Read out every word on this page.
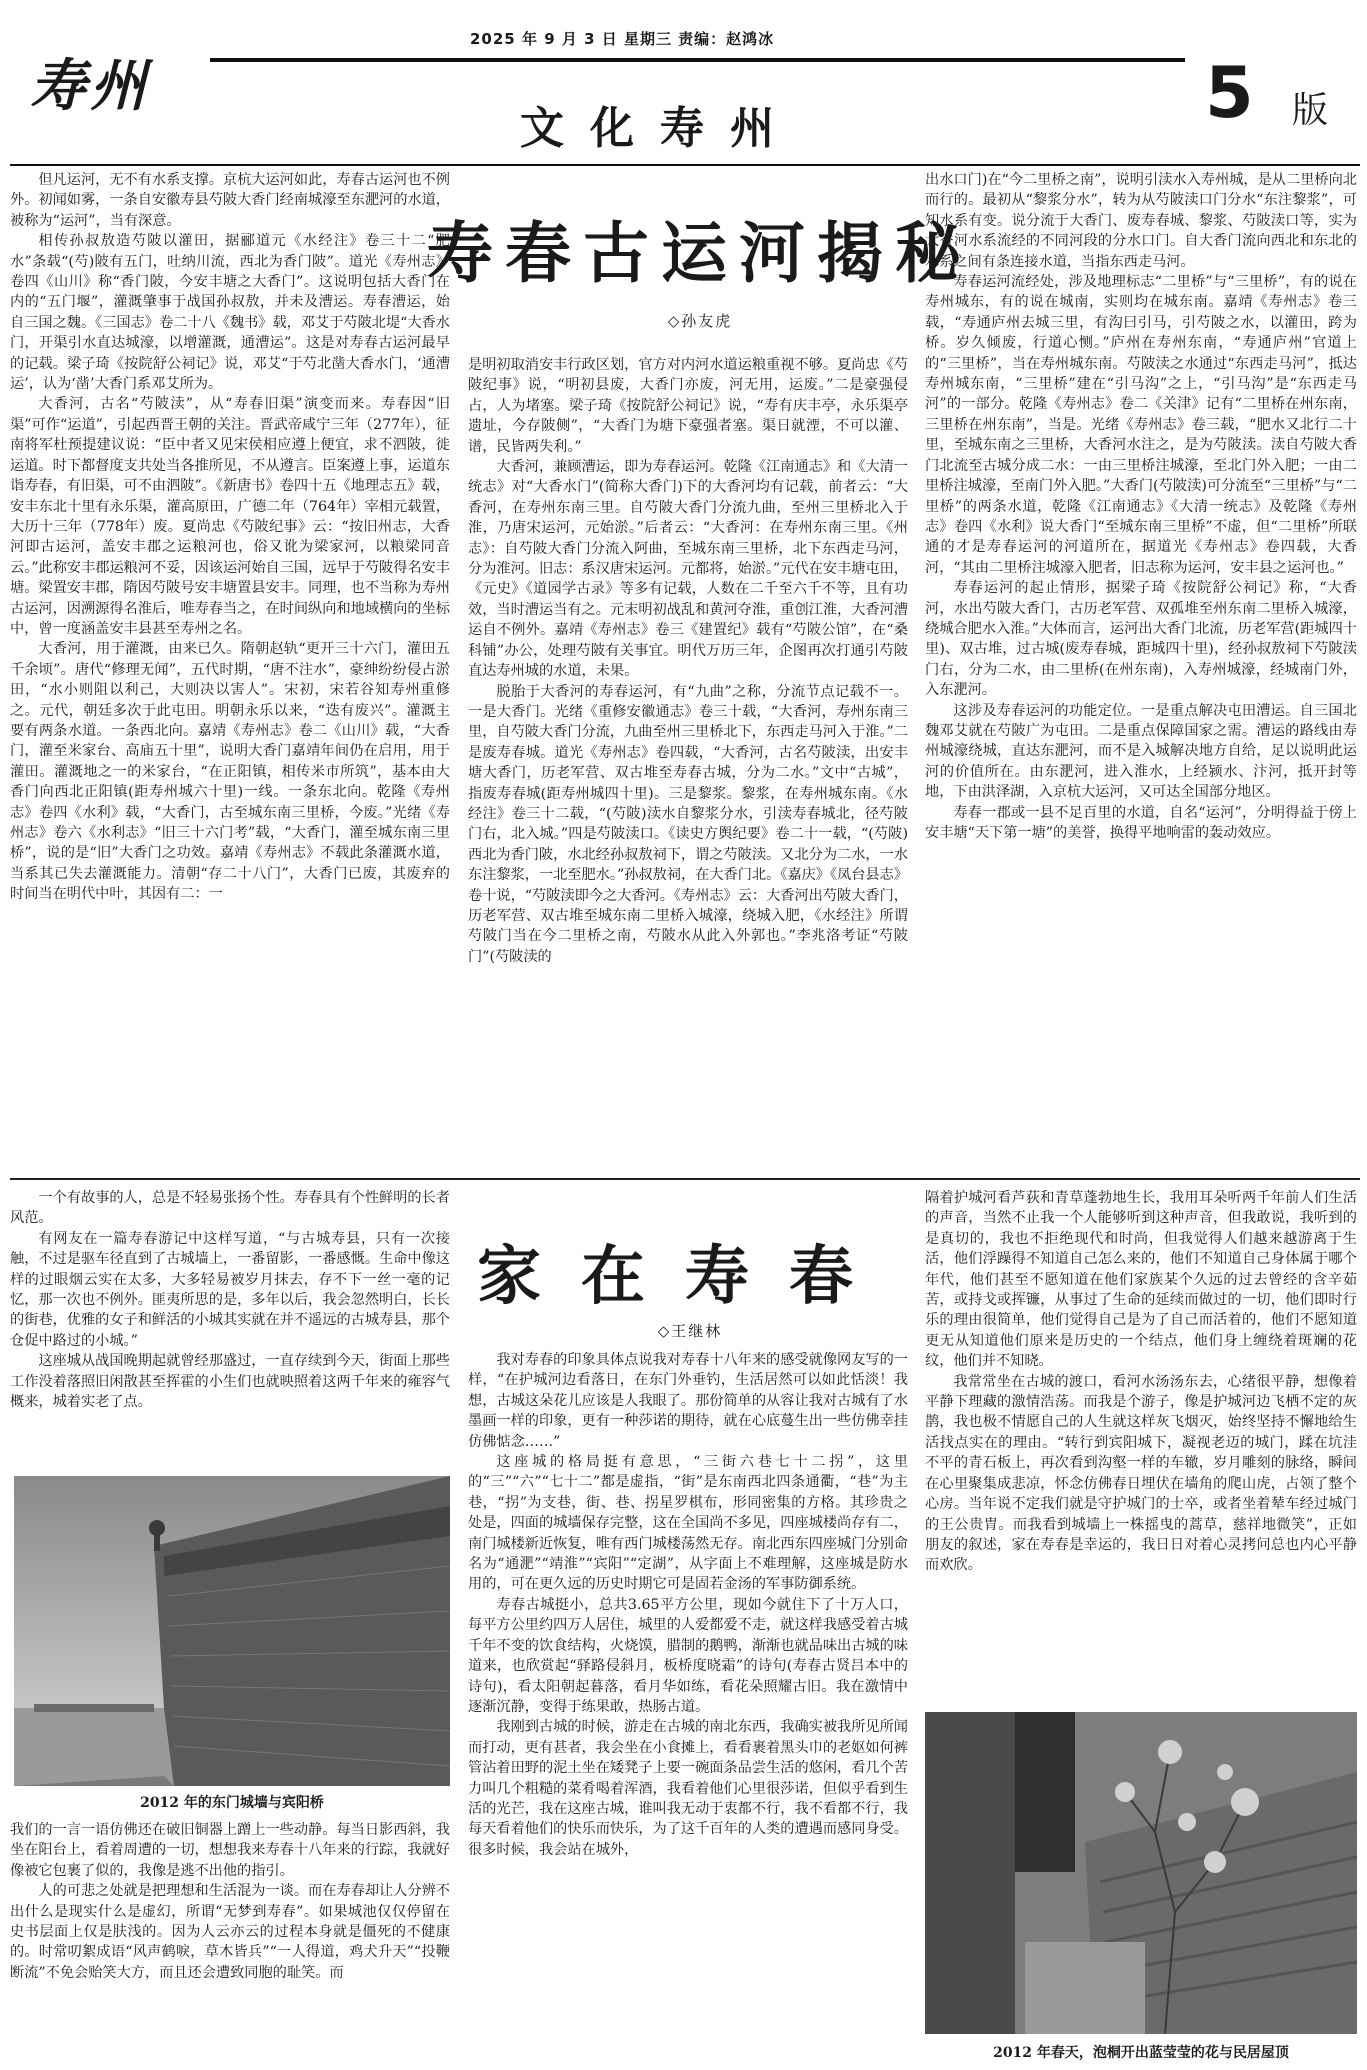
2025 年 9 月 3 日 星期三 责编：赵鸿冰
寿州
文化寿州	5 版
寿春古运河揭秘
◇孙友虎

但凡运河，无不有水系支撑。京杭大运河如此，寿春古运河也不例外。初闻如雾，一条自安徽寿县芍陂大香门经南城濠至东淝河的水道，被称为“运河”，当有深意。

相传孙叔敖造芍陂以灌田，据郦道元《水经注》卷三十二“肥水”条载“(芍)陂有五门，吐纳川流，西北为香门陂”。道光《寿州志》卷四《山川》称“香门陂，今安丰塘之大香门”。这说明包括大香门在内的“五门堰”，灌溉肇事于战国孙叔敖，并未及漕运。寿春漕运，始自三国之魏。《三国志》卷二十八《魏书》载，邓艾于芍陂北堤“大香水门，开渠引水直达城濠，以增灌溉，通漕运”。这是对寿春古运河最早的记载。梁子琦《按院舒公祠记》说，邓艾“于芍北凿大香水门，‘通漕运’，认为‘凿’大香门系邓艾所为。

大香河，古名“芍陂渎”，从“寿春旧渠”演变而来。寿春因“旧渠”可作“运道”，引起西晋王朝的关注。晋武帝咸宁三年（277年），征南将军杜预提建议说：“臣中者又见宋侯相应遵上便宜，求不泗陂，徙运道。时下都督度支共处当各推所见，不从遵言。臣案遵上事，运道东诣寿春，有旧渠，可不由泗陂”。《新唐书》卷四十五《地理志五》载，安丰东北十里有永乐渠，灌高原田，广德二年（764年）宰相元载置，大历十三年（778年）废。夏尚忠《芍陂纪事》云：“按旧州志，大香河即古运河，盖安丰郡之运粮河也，俗又讹为梁家河，以粮梁同音云。”此称安丰郡运粮河不妥，因该运河始自三国，远早于芍陂得名安丰塘。梁置安丰郡，隋因芍陂号安丰塘置县安丰。同理，也不当称为寿州古运河，因溯源得名淮后，唯寿春当之，在时间纵向和地域横向的坐标中，曾一度涵盖安丰县甚至寿州之名。

大香河，用于灌溉，由来已久。隋朝赵轨“更开三十六门，灌田五千余顷”。唐代“修理无闻”，五代时期，“唐不注水”，豪绅纷纷侵占淤田，“水小则阻以利己，大则决以害人”。宋初，宋若谷知寿州重修之。元代，朝廷多次于此屯田。明朝永乐以来，“迭有废兴”。灌溉主要有两条水道。一条西北向。嘉靖《寿州志》卷二《山川》载，“大香门，灌至米家台、高庙五十里”，说明大香门嘉靖年间仍在启用，用于灌田。灌溉地之一的米家台，“在正阳镇，相传米市所筑”，基本由大香门向西北正阳镇(距寿州城六十里)一线。一条东北向。乾隆《寿州志》卷四《水利》载，“大香门，古至城东南三里桥，今废。”光绪《寿州志》卷六《水利志》“旧三十六门考”载，“大香门，灌至城东南三里桥”，说的是“旧”大香门之功效。嘉靖《寿州志》不载此条灌溉水道，当系其已失去灌溉能力。清朝“存二十八门”，大香门已废，其废弃的时间当在明代中叶，其因有二：一

是明初取消安丰行政区划，官方对内河水道运粮重视不够。夏尚忠《芍陂纪事》说，“明初县废，大香门亦废，河无用，运废。”二是豪强侵占，人为堵塞。梁子琦《按院舒公祠记》说，“寿有庆丰亭，永乐渠亭遗址，今存陂侧”，“大香门为塘下豪强者塞。渠日就湮，不可以灌、谱，民皆两失利。”

大香河，兼顾漕运，即为寿春运河。乾隆《江南通志》和《大清一统志》对“大香水门”(简称大香门)下的大香河均有记载，前者云：“大香河，在寿州东南三里。自芍陂大香门分流九曲，至州三里桥北入于淮，乃唐宋运河，元始淤。”后者云：“大香河：在寿州东南三里。《州志》：自芍陂大香门分流入阿曲，至城东南三里桥，北下东西走马河，分为淮河。旧志：系汉唐宋运河。元都将，始淤。”元代在安丰塘屯田，《元史》《道园学古录》等多有记载，人数在二千至六千不等，且有功效，当时漕运当有之。元末明初战乱和黄河夺淮，重创江淮，大香河漕运自不例外。嘉靖《寿州志》卷三《建置纪》载有“芍陂公馆”，在“桑科铺”办公，处理芍陂有关事宜。明代万历三年，企图再次打通引芍陂直达寿州城的水道，未果。

脱胎于大香河的寿春运河，有“九曲”之称，分流节点记载不一。一是大香门。光绪《重修安徽通志》卷三十载，“大香河，寿州东南三里，自芍陂大香门分流，九曲至州三里桥北下，东西走马河入于淮。”二是废寿春城。道光《寿州志》卷四载，“大香河，古名芍陂渎，出安丰塘大香门，历老军营、双古堆至寿春古城，分为二水。”文中“古城”，指废寿春城(距寿州城四十里)。三是黎浆。黎浆，在寿州城东南。《水经注》卷三十二载，“(芍陂)渎水自黎浆分水，引渎寿春城北，径芍陂门右，北入城。”四是芍陂渎口。《读史方舆纪要》卷二十一载，“(芍陂)西北为香门陂，水北经孙叔敖祠下，谓之芍陂渎。又北分为二水，一水东注黎浆，一北至肥水。”孙叔敖祠，在大香门北。《嘉庆》《凤台县志》卷十说，“芍陂渎即今之大香河。《寿州志》云：大香河出芍陂大香门，历老军营、双古堆至城东南二里桥入城濠，绕城入肥，《水经注》所谓芍陂门当在今二里桥之南，芍陂水从此入外郭也。”李兆洛考证“芍陂门”(芍陂渎的

出水口门)在“今二里桥之南”，说明引渎水入寿州城，是从二里桥向北而行的。最初从“黎浆分水”，转为从芍陂渎口门分水“东注黎浆”，可知水系有变。说分流于大香门、废寿春城、黎浆、芍陂渎口等，实为大香河水系流经的不同河段的分水口门。自大香门流向西北和东北的水系之间有条连接水道，当指东西走马河。

寿春运河流经处，涉及地理标志“二里桥”与“三里桥”，有的说在寿州城东，有的说在城南，实则均在城东南。嘉靖《寿州志》卷三载，“寿通庐州去城三里，有沟曰引马，引芍陂之水，以灌田，跨为桥。岁久倾废，行道心恻。”庐州在寿州东南，“寿通庐州”官道上的“三里桥”，当在寿州城东南。芍陂渎之水通过“东西走马河”，抵达寿州城东南，“三里桥”建在“引马沟”之上，“引马沟”是“东西走马河”的一部分。乾隆《寿州志》卷二《关津》记有“二里桥在州东南，三里桥在州东南”，当是。光绪《寿州志》卷三载，“肥水又北行二十里，至城东南之三里桥，大香河水注之，是为芍陂渎。渎自芍陂大香门北流至古城分成二水：一由三里桥注城濠，至北门外入肥；一由二里桥注城濠，至南门外入肥。”大香门(芍陂渎)可分流至“三里桥”与“二里桥”的两条水道，乾隆《江南通志》《大清一统志》及乾隆《寿州志》卷四《水利》说大香门“至城东南三里桥”不虚，但“二里桥”所联通的才是寿春运河的河道所在，据道光《寿州志》卷四载，大香河，“其由二里桥注城濠入肥者，旧志称为运河，安丰县之运河也。”

寿春运河的起止情形，据梁子琦《按院舒公祠记》称，“大香河，水出芍陂大香门，古历老军营、双孤堆至州东南二里桥入城濠，绕城合肥水入淮。”大体而言，运河出大香门北流，历老军营(距城四十里)、双古堆，过古城(废寿春城，距城四十里)，经孙叔敖祠下芍陂渎门右，分为二水，由二里桥(在州东南)，入寿州城濠，经城南门外，入东淝河。

这涉及寿春运河的功能定位。一是重点解决屯田漕运。自三国北魏邓艾就在芍陂广为屯田。二是重点保障国家之需。漕运的路线由寿州城濠绕城，直达东淝河，而不是入城解决地方自给，足以说明此运河的价值所在。由东淝河，进入淮水，上经颍水、汴河，抵开封等地，下由洪泽湖，入京杭大运河，又可达全国部分地区。

寿春一郡或一县不足百里的水道，自名“运河”，分明得益于傍上安丰塘“天下第一塘”的美誉，换得平地响雷的轰动效应。

家在寿春
◇王继林

一个有故事的人，总是不轻易张扬个性。寿春具有个性鲜明的长者风范。

有网友在一篇寿春游记中这样写道，“与古城寿县，只有一次接触，不过是驱车径直到了古城墙上，一番留影，一番感慨。生命中像这样的过眼烟云实在太多，大多轻易被岁月抹去，存不下一丝一毫的记忆，那一次也不例外。匪夷所思的是，多年以后，我会忽然明白，长长的街巷，优雅的女子和鲜活的小城其实就在并不遥远的古城寿县，那个仓促中路过的小城。”

这座城从战国晚期起就曾经那盛过，一直存续到今天，街面上那些工作没着落照旧闲散甚至挥霍的小生们也就映照着这两千年来的雍容气概来，城着实老了点。

2012 年的东门城墙与宾阳桥

我们的一言一语仿佛还在破旧铜器上蹭上一些动静。每当日影西斜，我坐在阳台上，看着周遭的一切，想想我来寿春十八年来的行踪，我就好像被它包裹了似的，我像是逃不出他的指引。

人的可悲之处就是把理想和生活混为一谈。而在寿春却让人分辨不出什么是现实什么是虚幻，所谓“无梦到寿春”。如果城池仅仅停留在史书层面上仅是肤浅的。因为人云亦云的过程本身就是僵死的不健康的。时常叨絮成语“风声鹤唳，草木皆兵”“一人得道，鸡犬升天”“投鞭断流”不免会贻笑大方，而且还会遭致同胞的耻笑。而

我对寿春的印象具体点说我对寿春十八年来的感受就像网友写的一样，“在护城河边看落日，在东门外垂钓，生活居然可以如此恬淡！我想，古城这朵花儿应该是人我眼了。那份简单的从容让我对古城有了水墨画一样的印象，更有一种莎诺的期待，就在心底蔓生出一些仿佛幸挂仿佛惦念……”

这座城的格局挺有意思，“三街六巷七十二拐”，这里的“三”“六”“七十二”都是虚指，“街”是东南西北四条通衢，“巷”为主巷，“拐”为支巷，街、巷、拐星罗棋布，形同密集的方格。其珍贵之处是，四面的城墙保存完整，这在全国尚不多见，四座城楼尚存有二，南门城楼新近恢复，唯有西门城楼荡然无存。南北西东四座城门分别命名为“通淝”“靖淮”“宾阳”“定湖”，从字面上不难理解，这座城是防水用的，可在更久远的历史时期它可是固若金汤的军事防御系统。

寿春古城挺小，总共3.65平方公里，现如今就住下了十万人口，每平方公里约四万人居住，城里的人爱都爱不走，就这样我感受着古城千年不变的饮食结构，火烧馍，腊制的鹅鸭，渐渐也就品味出古城的味道来，也欣赏起“驿路侵斜月，板桥度晓霜”的诗句(寿春古贤吕本中的诗句)，看太阳朝起暮落，看月华如练，看花朵照耀古旧。我在激情中逐渐沉静，变得于练果敢，热肠古道。

我刚到古城的时候，游走在古城的南北东西，我确实被我所见所闻而打动，更有甚者，我会坐在小食摊上，看看裹着黑头巾的老妪如何裤管沾着田野的泥土坐在矮凳子上要一碗面条品尝生活的悠闲，看几个苦力叫几个粗糙的菜肴喝着浑酒，我看着他们心里很莎诺，但似乎看到生活的光芒，我在这座古城，谁叫我无动于衷都不行，我不看都不行，我每天看着他们的快乐而快乐，为了这千百年的人类的遭遇而感同身受。很多时候，我会站在城外，

隔着护城河看芦荻和青草蓬勃地生长，我用耳朵听两千年前人们生活的声音，当然不止我一个人能够听到这种声音，但我敢说，我听到的是真切的，我也不拒绝现代和时尚，但我觉得人们越来越游离于生活，他们浮躁得不知道自己怎么来的，他们不知道自己身体属于哪个年代，他们甚至不愿知道在他们家族某个久远的过去曾经的含辛茹苦，或持戈或挥镰，从事过了生命的延续而做过的一切，他们即时行乐的理由很简单，他们觉得自己是为了自己而活着的，他们不愿知道更无从知道他们原来是历史的一个结点，他们身上缠绕着斑斓的花纹，他们并不知晓。

我常常坐在古城的渡口，看河水汤汤东去，心绪很平静，想像着平静下理藏的激情浩荡。而我是个游子，像是护城河边飞栖不定的灰鹊，我也极不情愿自己的人生就这样灰飞烟灭，始终坚持不懈地给生活找点实在的理由。“转行到宾阳城下，凝视老迈的城门，蹂在坑洼不平的青石板上，再次看到沟壑一样的车辙，岁月雕刻的脉络，瞬间在心里聚集成悲凉，怀念仿佛春日埋伏在墙角的爬山虎，占领了整个心房。当年说不定我们就是守护城门的士卒，或者坐着辇车经过城门的王公贵胄。而我看到城墙上一株摇曳的蒿草，慈祥地微笑”，正如朋友的叙述，家在寿春是幸运的，我日日对着心灵拷问总也内心平静而欢欣。

2012 年春天，泡桐开出蓝莹莹的花与民居屋顶
